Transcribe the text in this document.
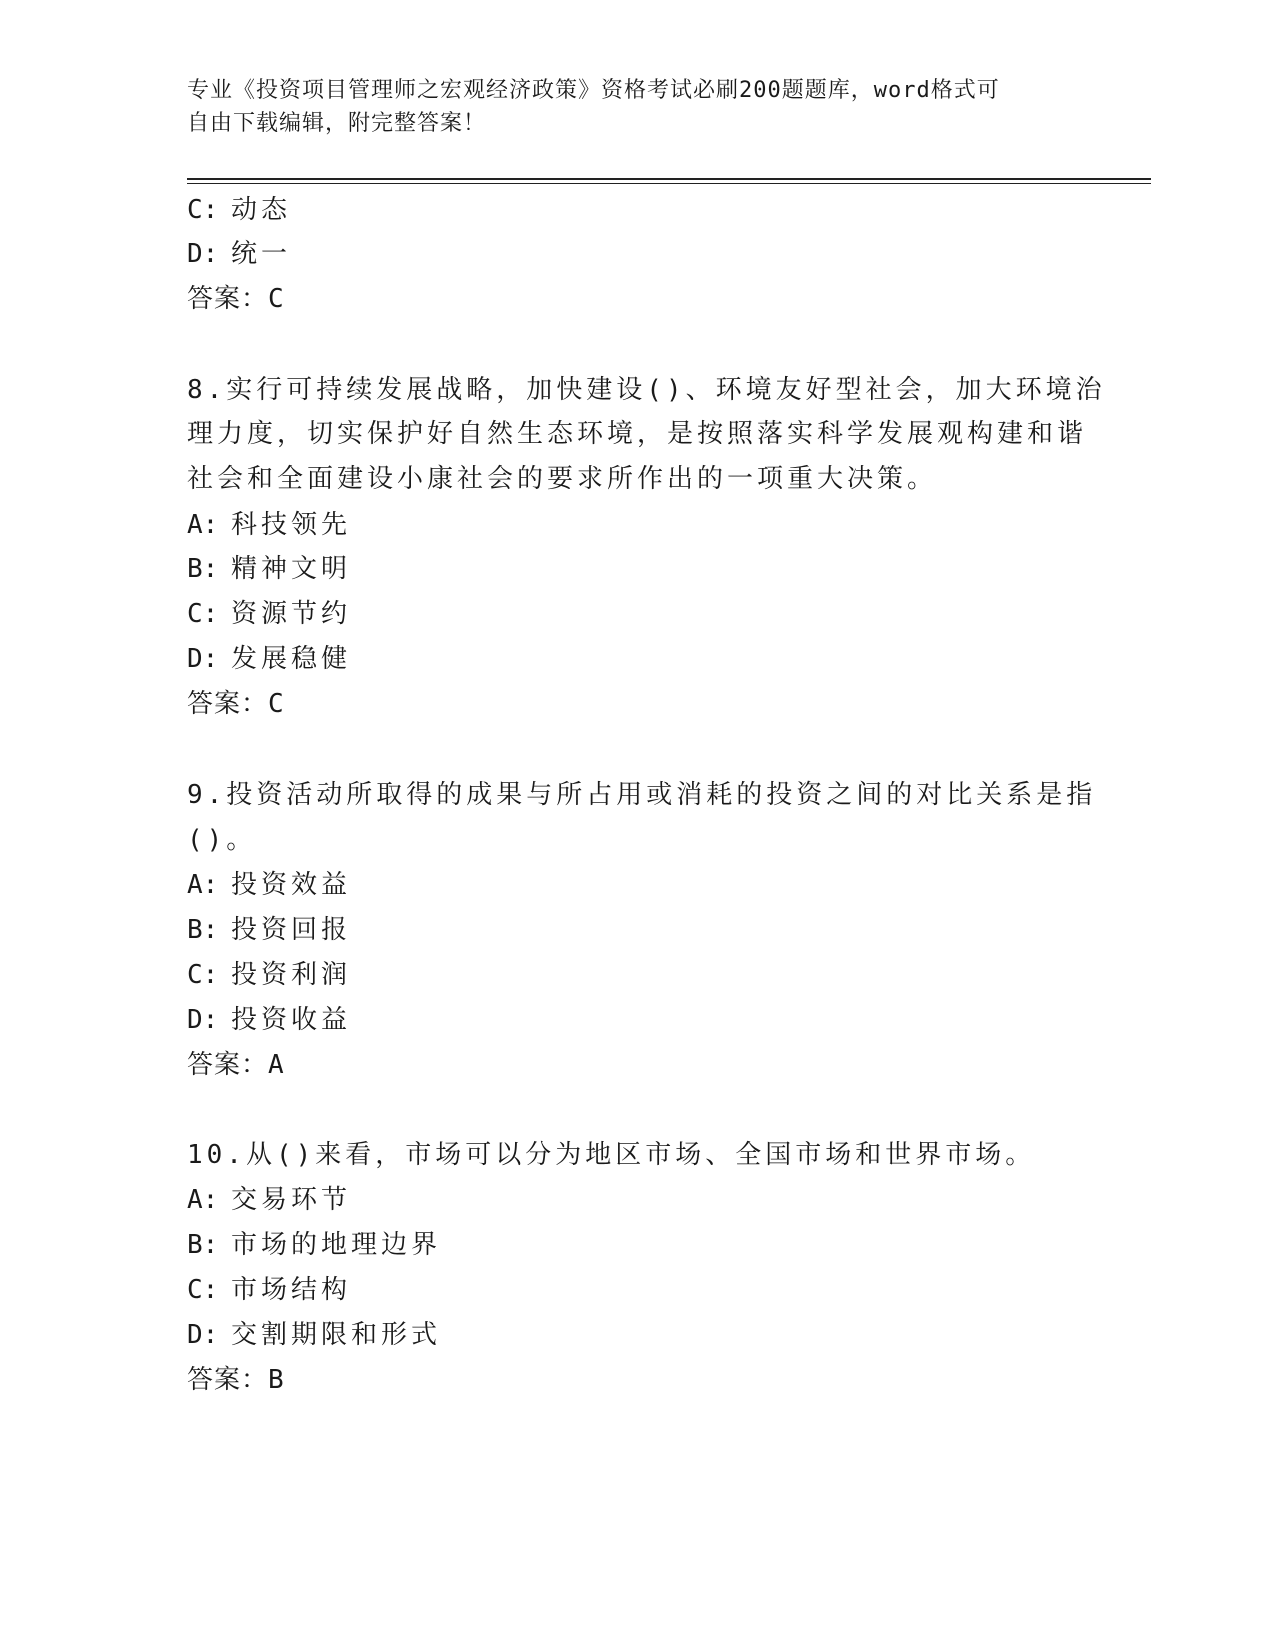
专业《投资项目管理师之宏观经济政策》资格考试必刷200题题库，word格式可
自由下载编辑，附完整答案！
C: 动态
D: 统一
答案：C
8.实行可持续发展战略，加快建设()、环境友好型社会，加大环境治
理力度，切实保护好自然生态环境，是按照落实科学发展观构建和谐
社会和全面建设小康社会的要求所作出的一项重大决策。
A: 科技领先
B: 精神文明
C: 资源节约
D: 发展稳健
答案：C
9.投资活动所取得的成果与所占用或消耗的投资之间的对比关系是指
()。
A: 投资效益
B: 投资回报
C: 投资利润
D: 投资收益
答案：A
10.从()来看，市场可以分为地区市场、全国市场和世界市场。
A: 交易环节
B: 市场的地理边界
C: 市场结构
D: 交割期限和形式
答案：B
